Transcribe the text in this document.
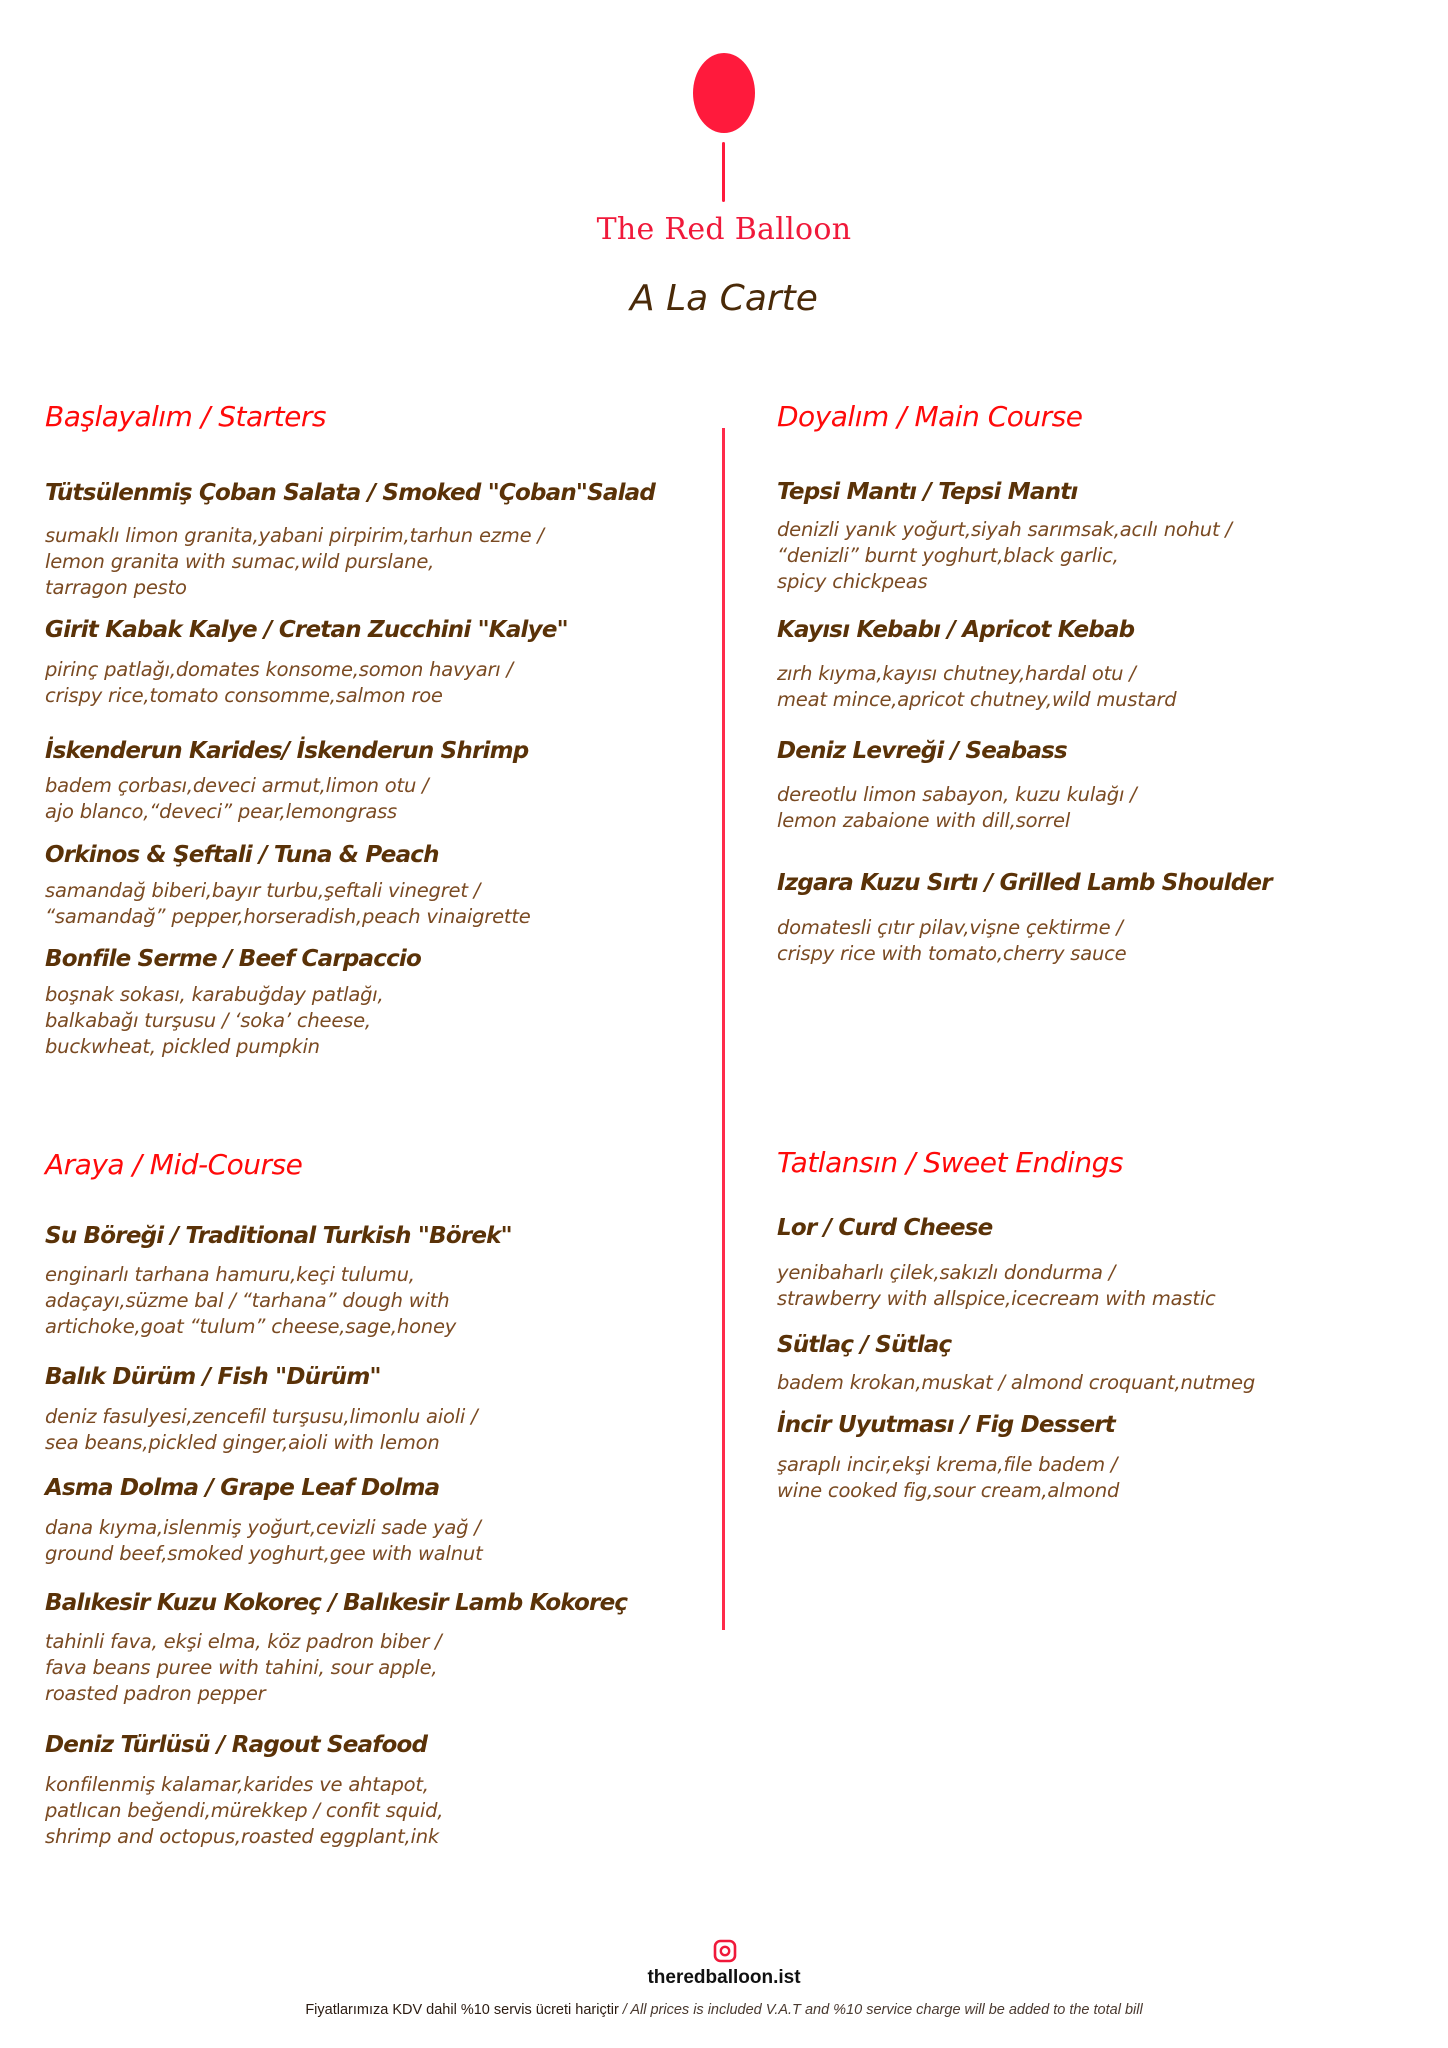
The Red Balloon
A La Carte
Başlayalım / Starters
Tütsülenmiş Çoban Salata / Smoked "Çoban"Salad
sumaklı limon granita,yabani pirpirim,tarhun ezme /
lemon granita with sumac,wild purslane,
tarragon pesto
Girit Kabak Kalye / Cretan Zucchini "Kalye"
pirinç patlağı,domates konsome,somon havyarı /
crispy rice,tomato consomme,salmon roe
İskenderun Karides/ İskenderun Shrimp
badem çorbası,deveci armut,limon otu /
ajo blanco,“deveci” pear,lemongrass
Orkinos & Şeftali / Tuna & Peach
samandağ biberi,bayır turbu,şeftali vinegret /
“samandağ” pepper,horseradish,peach vinaigrette
Bonfile Serme / Beef Carpaccio
boşnak sokası, karabuğday patlağı,
balkabağı turşusu / ‘soka’ cheese,
buckwheat, pickled pumpkin
Doyalım / Main Course
Tepsi Mantı / Tepsi Mantı
denizli yanık yoğurt,siyah sarımsak,acılı nohut /
“denizli” burnt yoghurt,black garlic,
spicy chickpeas
Kayısı Kebabı / Apricot Kebab
zırh kıyma,kayısı chutney,hardal otu /
meat mince,apricot chutney,wild mustard
Deniz Levreği / Seabass
dereotlu limon sabayon, kuzu kulağı /
lemon zabaione with dill,sorrel
Izgara Kuzu Sırtı / Grilled Lamb Shoulder
domatesli çıtır pilav,vişne çektirme /
crispy rice with tomato,cherry sauce
Araya / Mid-Course
Su Böreği / Traditional Turkish "Börek"
enginarlı tarhana hamuru,keçi tulumu,
adaçayı,süzme bal / “tarhana” dough with
artichoke,goat “tulum” cheese,sage,honey
Balık Dürüm / Fish "Dürüm"
deniz fasulyesi,zencefil turşusu,limonlu aioli /
sea beans,pickled ginger,aioli with lemon
Asma Dolma / Grape Leaf Dolma
dana kıyma,islenmiş yoğurt,cevizli sade yağ /
ground beef,smoked yoghurt,gee with walnut
Balıkesir Kuzu Kokoreç / Balıkesir Lamb Kokoreç
tahinli fava, ekşi elma, köz padron biber /
fava beans puree with tahini, sour apple,
roasted padron pepper
Deniz Türlüsü / Ragout Seafood
konfilenmiş kalamar,karides ve ahtapot,
patlıcan beğendi,mürekkep / confit squid,
shrimp and octopus,roasted eggplant,ink
Tatlansın / Sweet Endings
Lor / Curd Cheese
yenibaharlı çilek,sakızlı dondurma /
strawberry with allspice,icecream with mastic
Sütlaç / Sütlaç
badem krokan,muskat / almond croquant,nutmeg
İncir Uyutması / Fig Dessert
şaraplı incir,ekşi krema,file badem /
wine cooked fig,sour cream,almond
theredballoon.ist
Fiyatlarımıza KDV dahil %10 servis ücreti hariçtir / All prices is included V.A.T and %10 service charge will be added to the total bill
